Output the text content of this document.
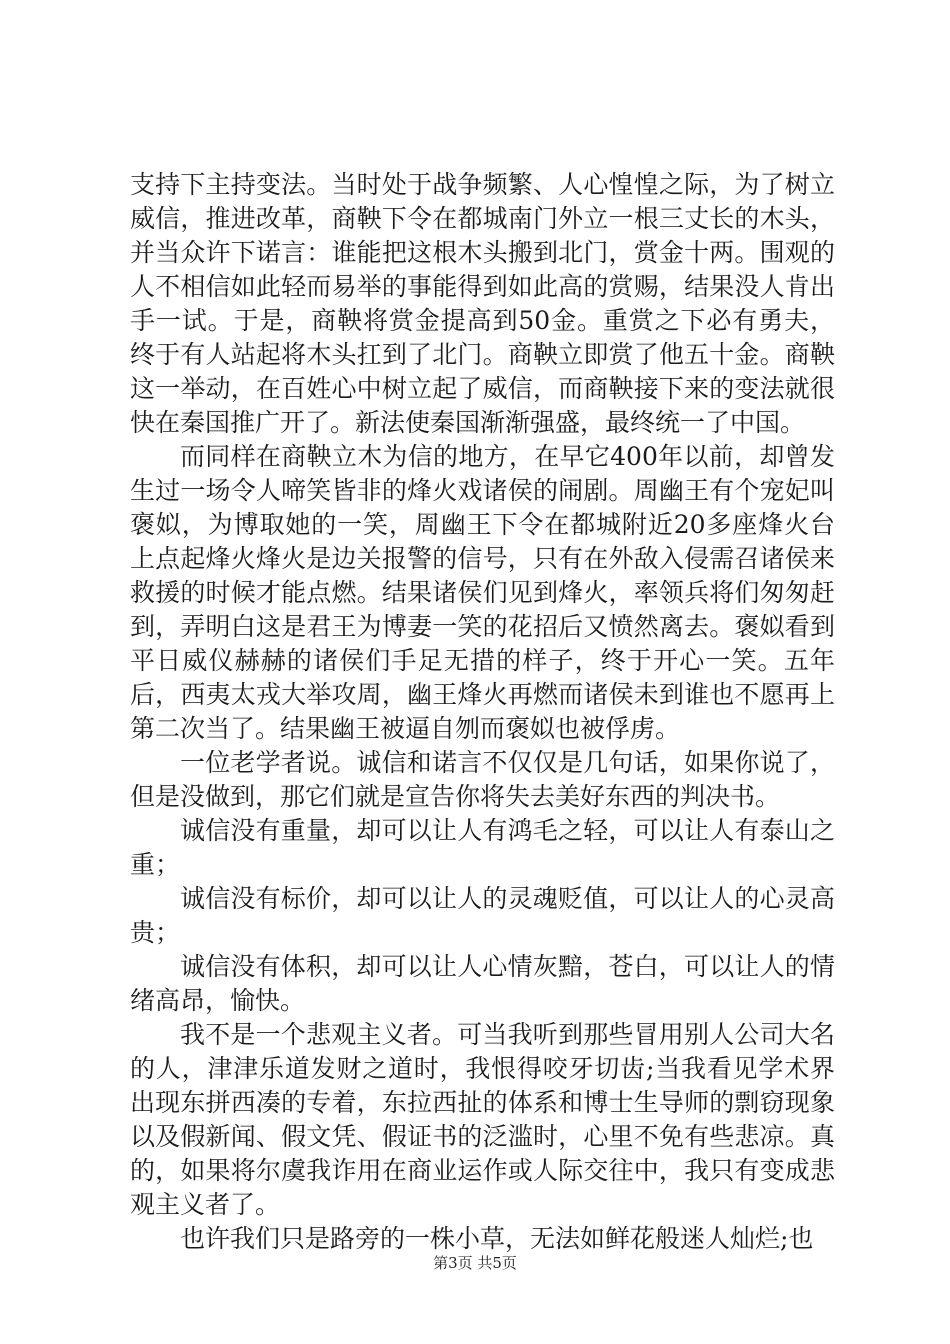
支持下主持变法。当时处于战争频繁、人心惶惶之际，为了树立威信，推进改革，商鞅下令在都城南门外立一根三丈长的木头，并当众许下诺言：谁能把这根木头搬到北门，赏金十两。围观的人不相信如此轻而易举的事能得到如此高的赏赐，结果没人肯出手一试。于是，商鞅将赏金提高到50金。重赏之下必有勇夫，终于有人站起将木头扛到了北门。商鞅立即赏了他五十金。商鞅这一举动，在百姓心中树立起了威信，而商鞅接下来的变法就很快在秦国推广开了。新法使秦国渐渐强盛，最终统一了中国。

而同样在商鞅立木为信的地方，在早它400年以前，却曾发生过一场令人啼笑皆非的烽火戏诸侯的闹剧。周幽王有个宠妃叫褒姒，为博取她的一笑，周幽王下令在都城附近20多座烽火台上点起烽火烽火是边关报警的信号，只有在外敌入侵需召诸侯来救援的时候才能点燃。结果诸侯们见到烽火，率领兵将们匆匆赶到，弄明白这是君王为博妻一笑的花招后又愤然离去。褒姒看到平日威仪赫赫的诸侯们手足无措的样子，终于开心一笑。五年后，西夷太戎大举攻周，幽王烽火再燃而诸侯未到谁也不愿再上第二次当了。结果幽王被逼自刎而褒姒也被俘虏。

一位老学者说。诚信和诺言不仅仅是几句话，如果你说了，但是没做到，那它们就是宣告你将失去美好东西的判决书。

诚信没有重量，却可以让人有鸿毛之轻，可以让人有泰山之重；

诚信没有标价，却可以让人的灵魂贬值，可以让人的心灵高贵；

诚信没有体积，却可以让人心情灰黯，苍白，可以让人的情绪高昂，愉快。

我不是一个悲观主义者。可当我听到那些冒用别人公司大名的人，津津乐道发财之道时，我恨得咬牙切齿;当我看见学术界出现东拼西凑的专着，东拉西扯的体系和博士生导师的剽窃现象以及假新闻、假文凭、假证书的泛滥时，心里不免有些悲凉。真的，如果将尔虞我诈用在商业运作或人际交往中，我只有变成悲观主义者了。

也许我们只是路旁的一株小草，无法如鲜花般迷人灿烂;也

第3页 共5页
